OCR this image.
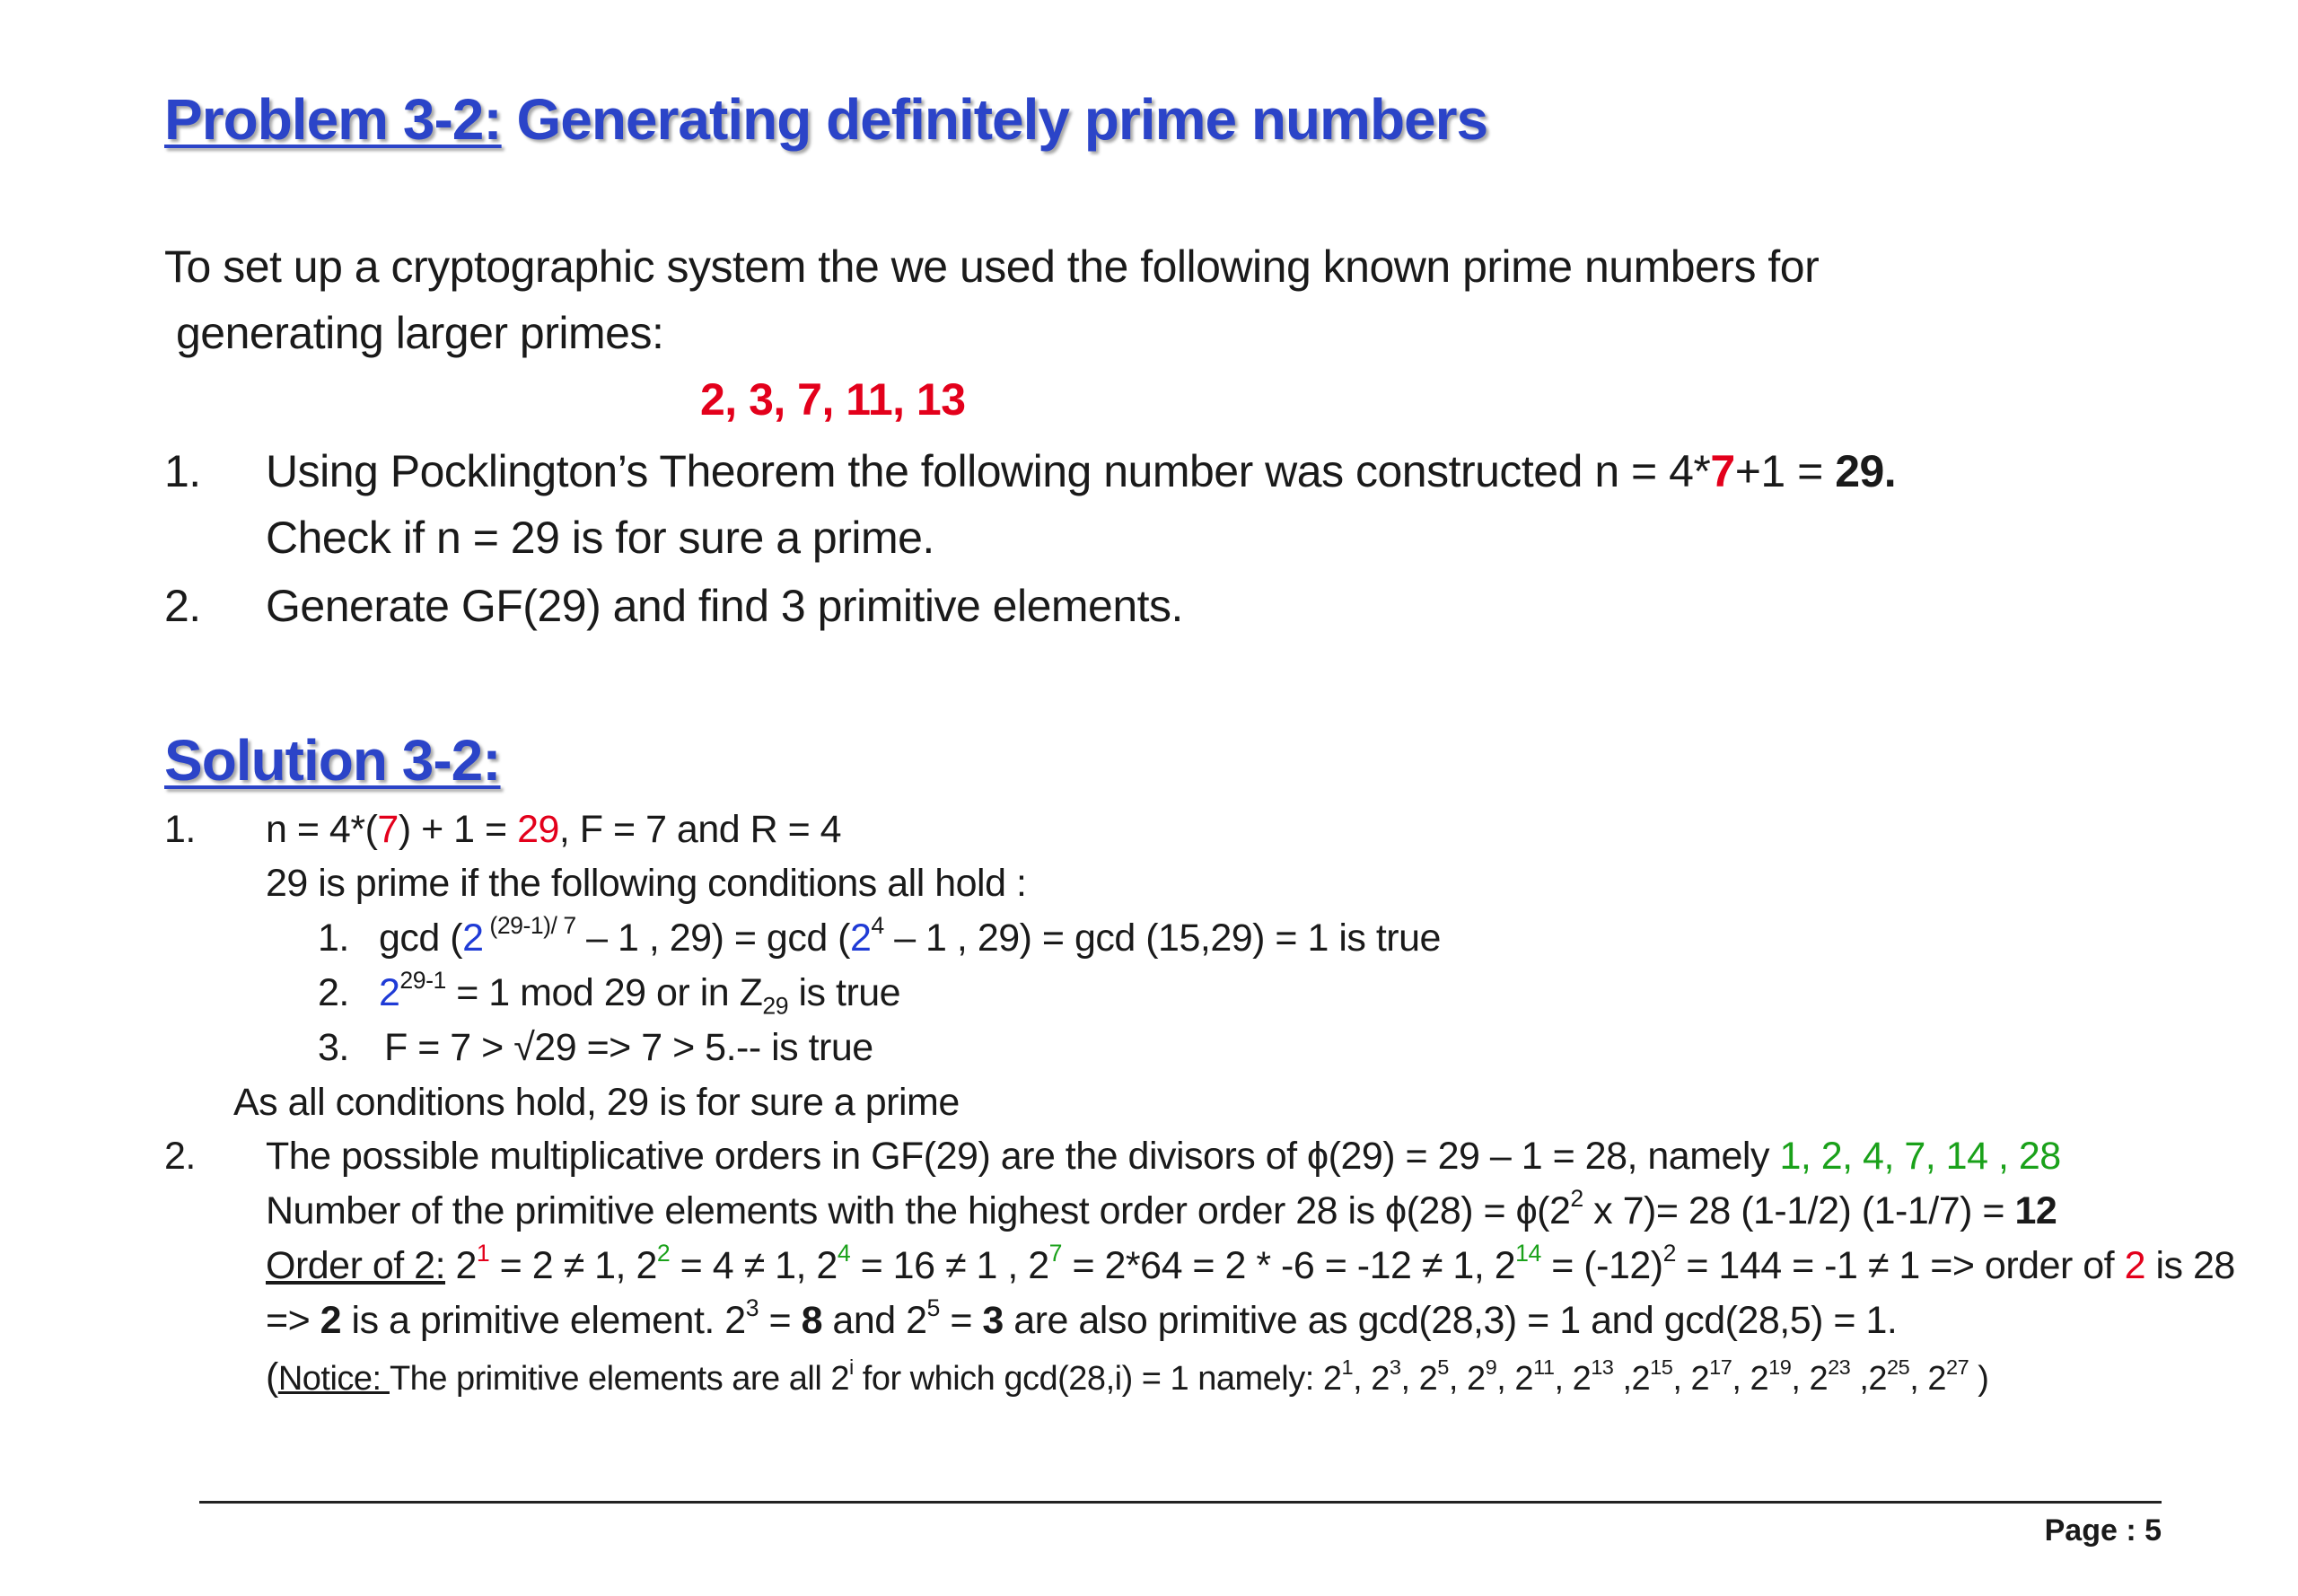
Problem 3-2: Generating definitely prime numbers
To set up a cryptographic system the we used the following known prime numbers for
generating larger primes:
2, 3, 7, 11, 13
1. Using Pocklington’s Theorem the following number was constructed n = 4*7+1 = 29.
Check if n = 29 is for sure a prime.
2. Generate GF(29) and find 3 primitive elements.
Solution 3-2:
1. n = 4*(7) + 1 = 29, F = 7 and R = 4
29 is prime if the following conditions all hold :
1. gcd (2 $^{(29-1)/ 7}$ – 1 , $29) = \gcd (2^4 - 1$ , 29) = gcd (15,29) = 1 is true
2. $2^{29-1} = 1$ mod 29 or in $Z_{29}$ is true
3. F = 7 > √29 => 7 > 5.-- is true
As all conditions hold, 29 is for sure a prime
2. The possible multiplicative orders in GF(29) are the divisors of ϕ(29) = 29 – 1 = 28, namely 1, 2, 4, 7, 14 , 28
Number of the primitive elements with the highest order order 28 is $\phi(28) = \phi(2^2$ x 7)= 28 (1-1/2) (1-1/7) = 12
Order of 2: $2^1 = 2 \ne 1$, $2^2 = 4 \ne 1$, $2^4 = 16 \ne 1$ , $2^7 = 2*64 = 2 * -6 = -12 \ne 1$, $2^{14} = (-12)^2 = 144 = -1 \ne 1$ => order of 2 is 28
=> 2 is a primitive element. $2^3 = 8$ and $2^5 = 3$ are also primitive as gcd(28,3) = 1 and gcd(28,5) = 1.
(Notice: The primitive elements are all 2$^i$ for which gcd(28,i) = 1 namely: $2^1$, $2^3$, $2^5$, $2^9$, $2^{11}$, $2^{13}$ $,2^{15}$, $2^{17}$, $2^{19}$, $2^{23}$ $,2^{25}$, $2^{27}$ )
Page : 5
